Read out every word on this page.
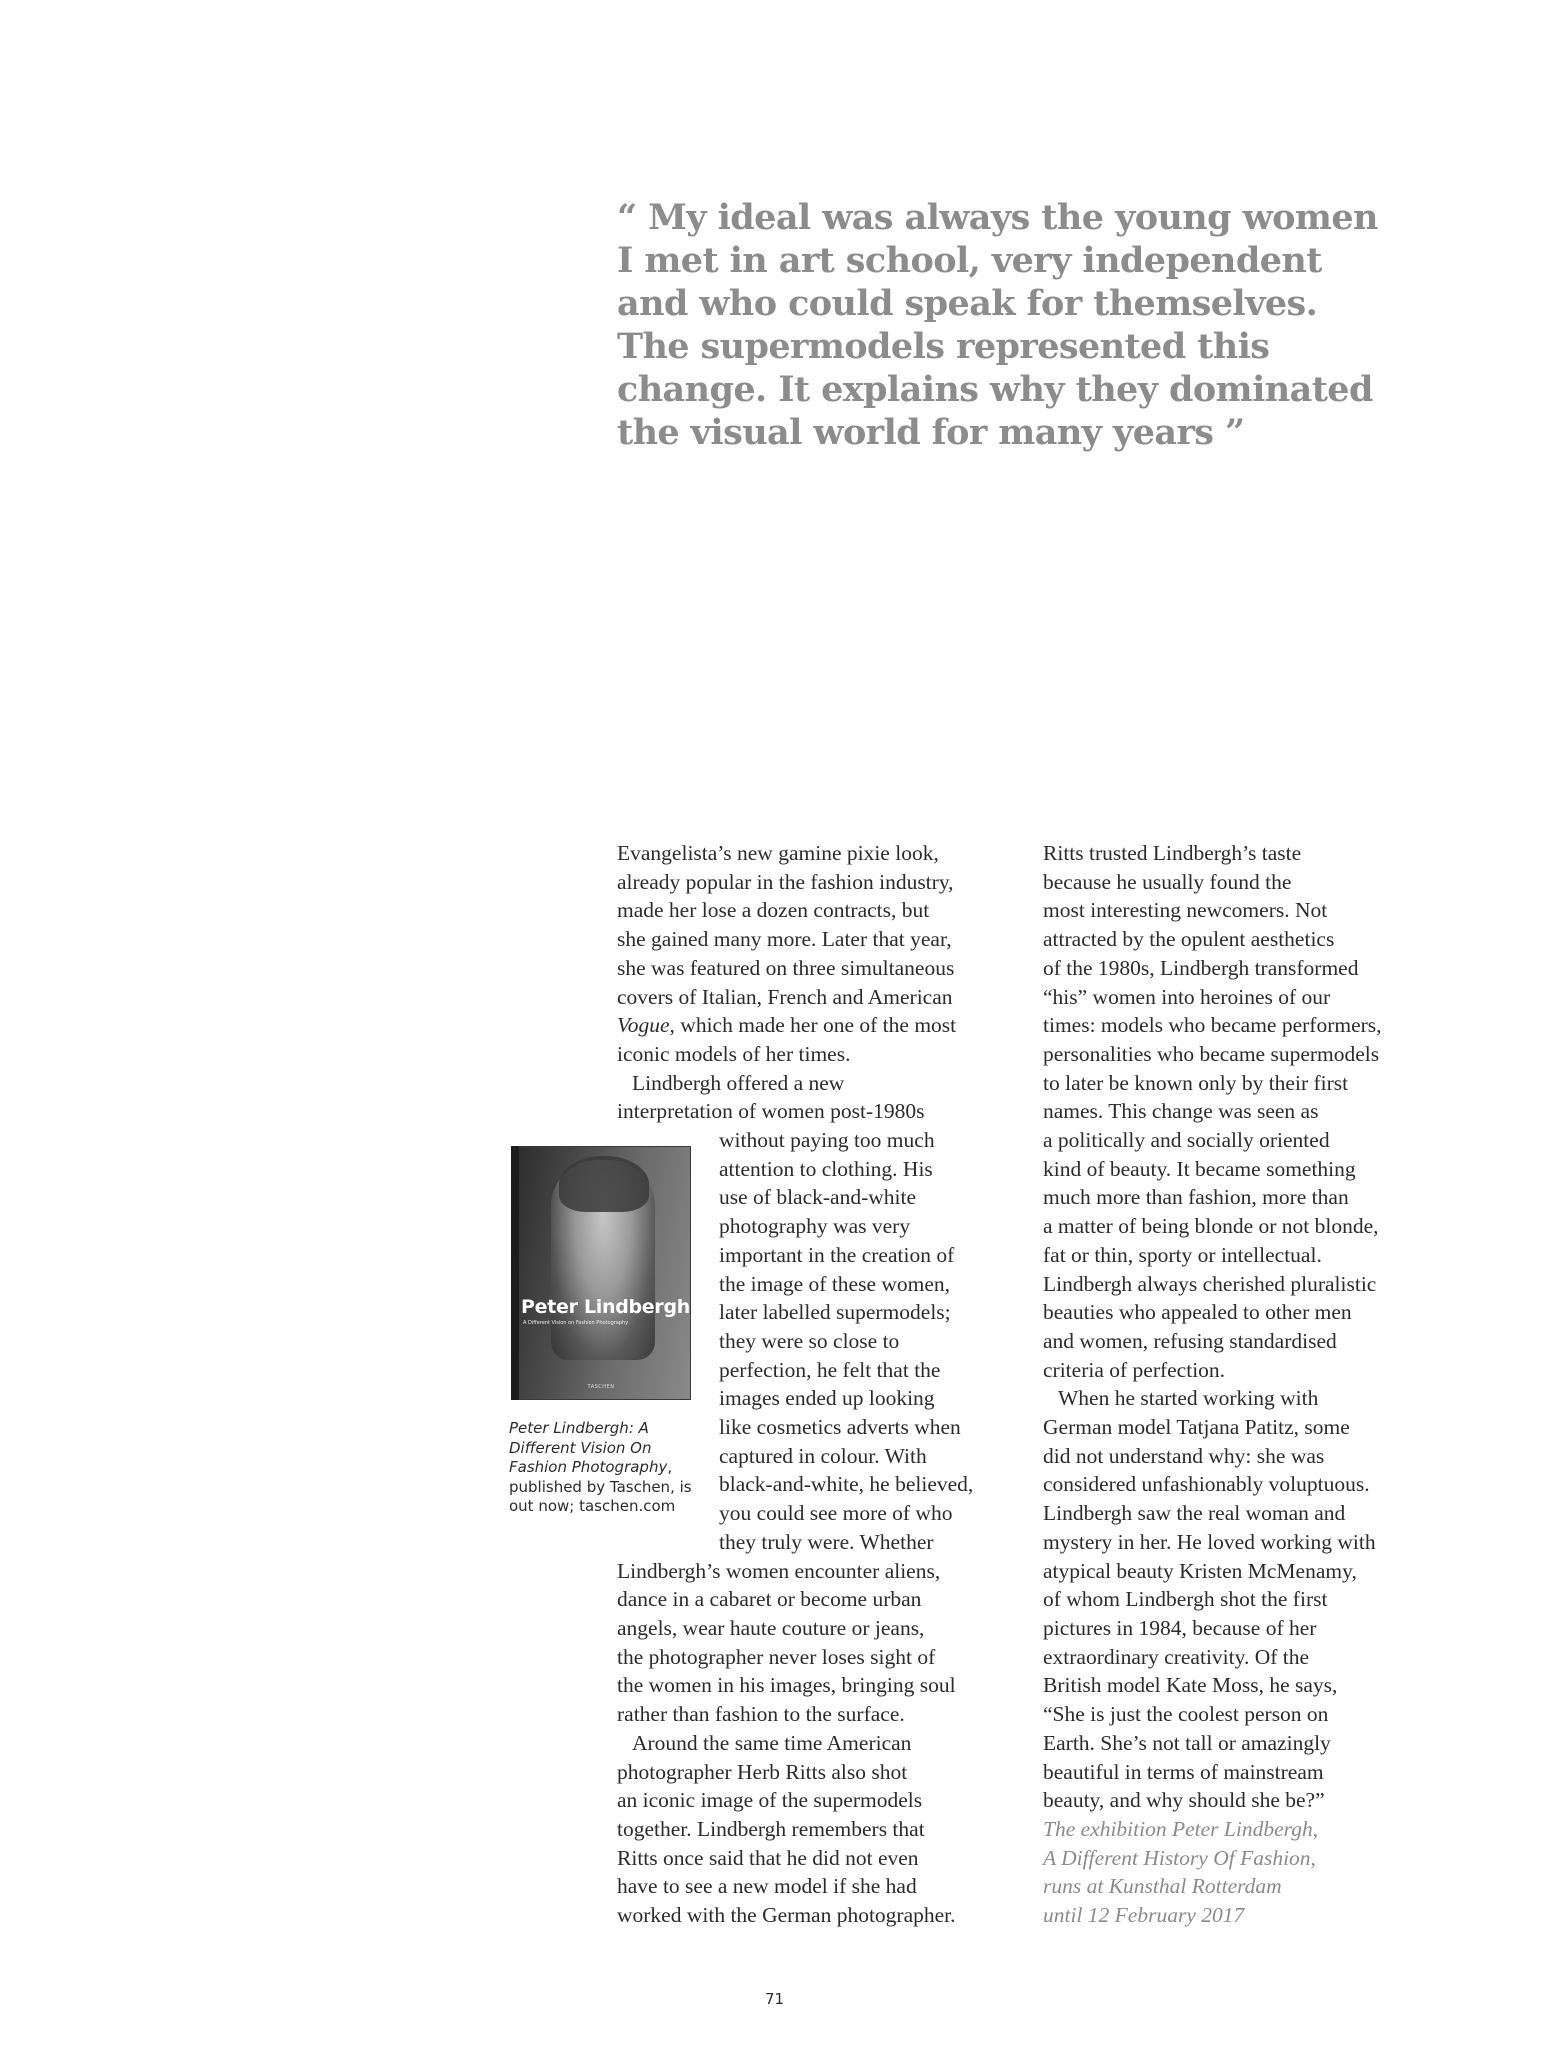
“ My ideal was always the young women
I met in art school, very independent
and who could speak for themselves.
The supermodels represented this
change. It explains why they dominated
the visual world for many years ”
Evangelista’s new gamine pixie look,
already popular in the fashion industry,
made her lose a dozen contracts, but
she gained many more. Later that year,
she was featured on three simultaneous
covers of Italian, French and American
Vogue, which made her one of the most
iconic models of her times.
Lindbergh offered a new
interpretation of women post-1980s
without paying too much
attention to clothing. His
use of black-and-white
photography was very
important in the creation of
the image of these women,
later labelled supermodels;
they were so close to
perfection, he felt that the
images ended up looking
like cosmetics adverts when
captured in colour. With
black-and-white, he believed,
you could see more of who
they truly were. Whether
Lindbergh’s women encounter aliens,
dance in a cabaret or become urban
angels, wear haute couture or jeans,
the photographer never loses sight of
the women in his images, bringing soul
rather than fashion to the surface.
Around the same time American
photographer Herb Ritts also shot
an iconic image of the supermodels
together. Lindbergh remembers that
Ritts once said that he did not even
have to see a new model if she had
worked with the German photographer.
Ritts trusted Lindbergh’s taste
because he usually found the
most interesting newcomers. Not
attracted by the opulent aesthetics
of the 1980s, Lindbergh transformed
“his” women into heroines of our
times: models who became performers,
personalities who became supermodels
to later be known only by their first
names. This change was seen as
a politically and socially oriented
kind of beauty. It became something
much more than fashion, more than
a matter of being blonde or not blonde,
fat or thin, sporty or intellectual.
Lindbergh always cherished pluralistic
beauties who appealed to other men
and women, refusing standardised
criteria of perfection.
When he started working with
German model Tatjana Patitz, some
did not understand why: she was
considered unfashionably voluptuous.
Lindbergh saw the real woman and
mystery in her. He loved working with
atypical beauty Kristen McMenamy,
of whom Lindbergh shot the first
pictures in 1984, because of her
extraordinary creativity. Of the
British model Kate Moss, he says,
“She is just the coolest person on
Earth. She’s not tall or amazingly
beautiful in terms of mainstream
beauty, and why should she be?”
The exhibition Peter Lindbergh,
A Different History Of Fashion,
runs at Kunsthal Rotterdam
until 12 February 2017
Peter Lindbergh
A Different Vision on Fashion Photography
TASCHEN
Peter Lindbergh: A
Different Vision On
Fashion Photography,
published by Taschen, is
out now; taschen.com
71
